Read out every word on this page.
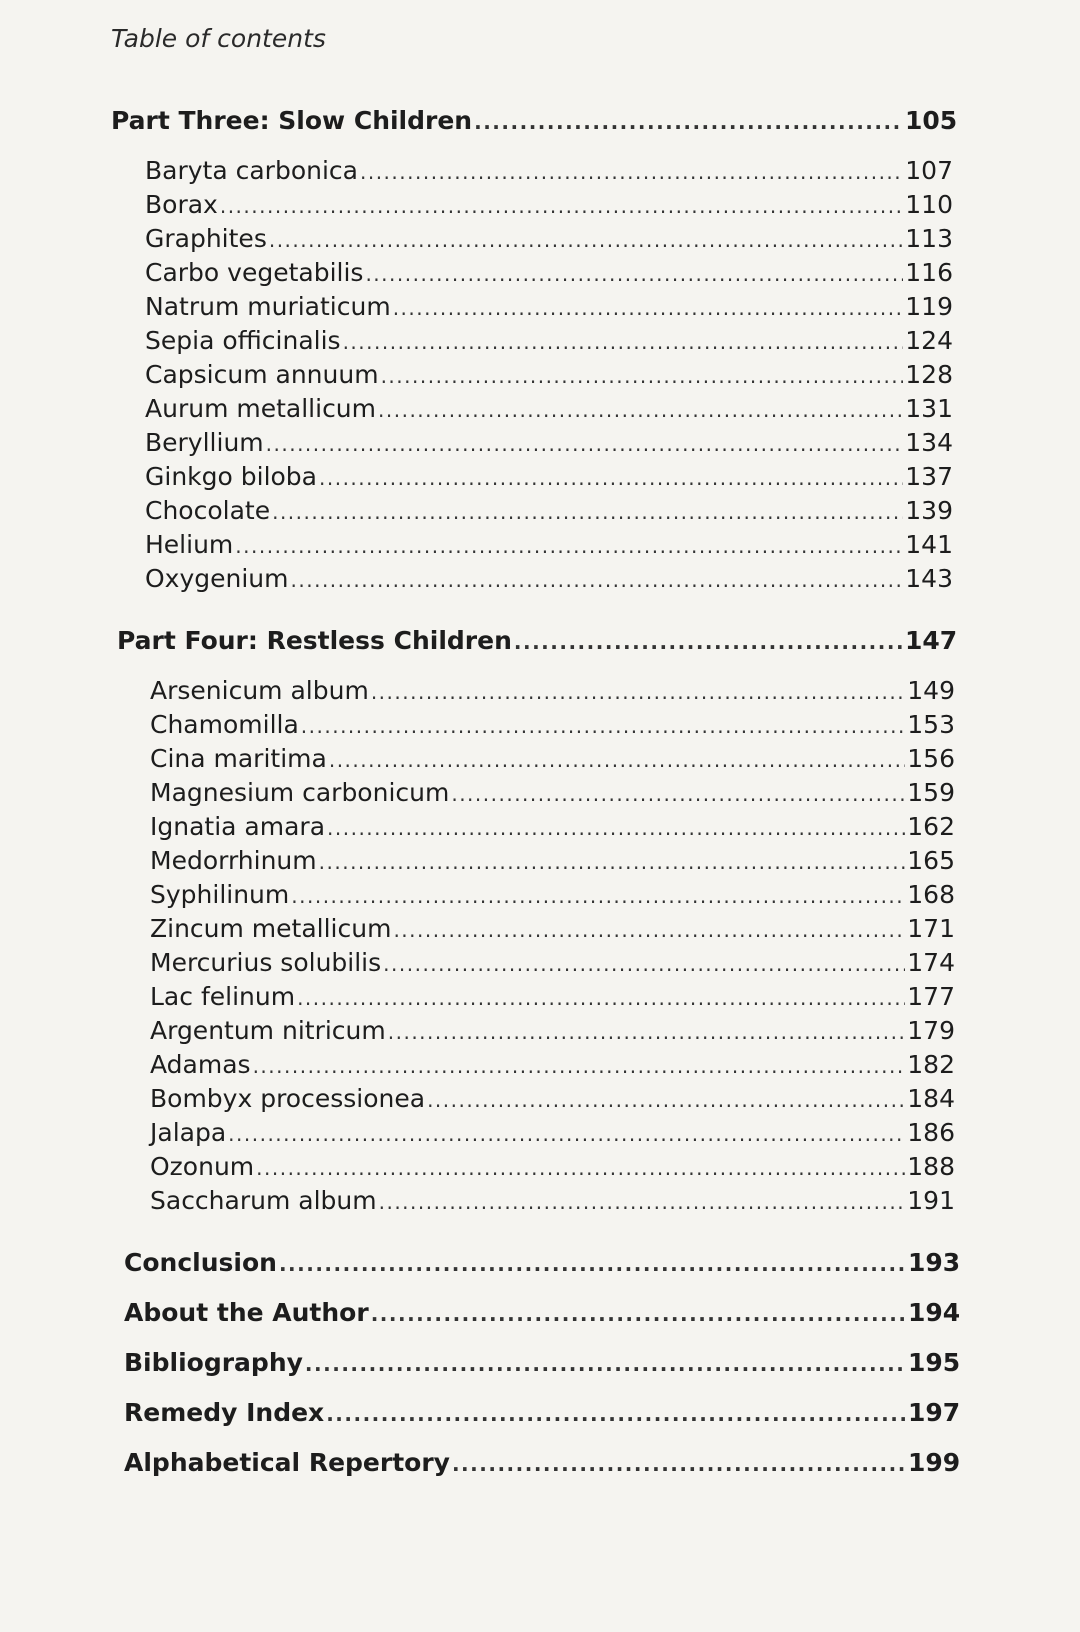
Table of contents
Part Three: Slow Children .....	105
Baryta carbonica .....	107
Borax .....	110
Graphites .....	113
Carbo vegetabilis .....	116
Natrum muriaticum .....	119
Sepia officinalis .....	124
Capsicum annuum .....	128
Aurum metallicum .....	131
Beryllium .....	134
Ginkgo biloba .....	137
Chocolate .....	139
Helium .....	141
Oxygenium .....	143
Part Four: Restless Children .....	147
Arsenicum album .....	149
Chamomilla .....	153
Cina maritima .....	156
Magnesium carbonicum .....	159
Ignatia amara .....	162
Medorrhinum .....	165
Syphilinum .....	168
Zincum metallicum .....	171
Mercurius solubilis .....	174
Lac felinum .....	177
Argentum nitricum .....	179
Adamas .....	182
Bombyx processionea .....	184
Jalapa .....	186
Ozonum .....	188
Saccharum album .....	191
Conclusion .....	193
About the Author .....	194
Bibliography .....	195
Remedy Index .....	197
Alphabetical Repertory .....	199
